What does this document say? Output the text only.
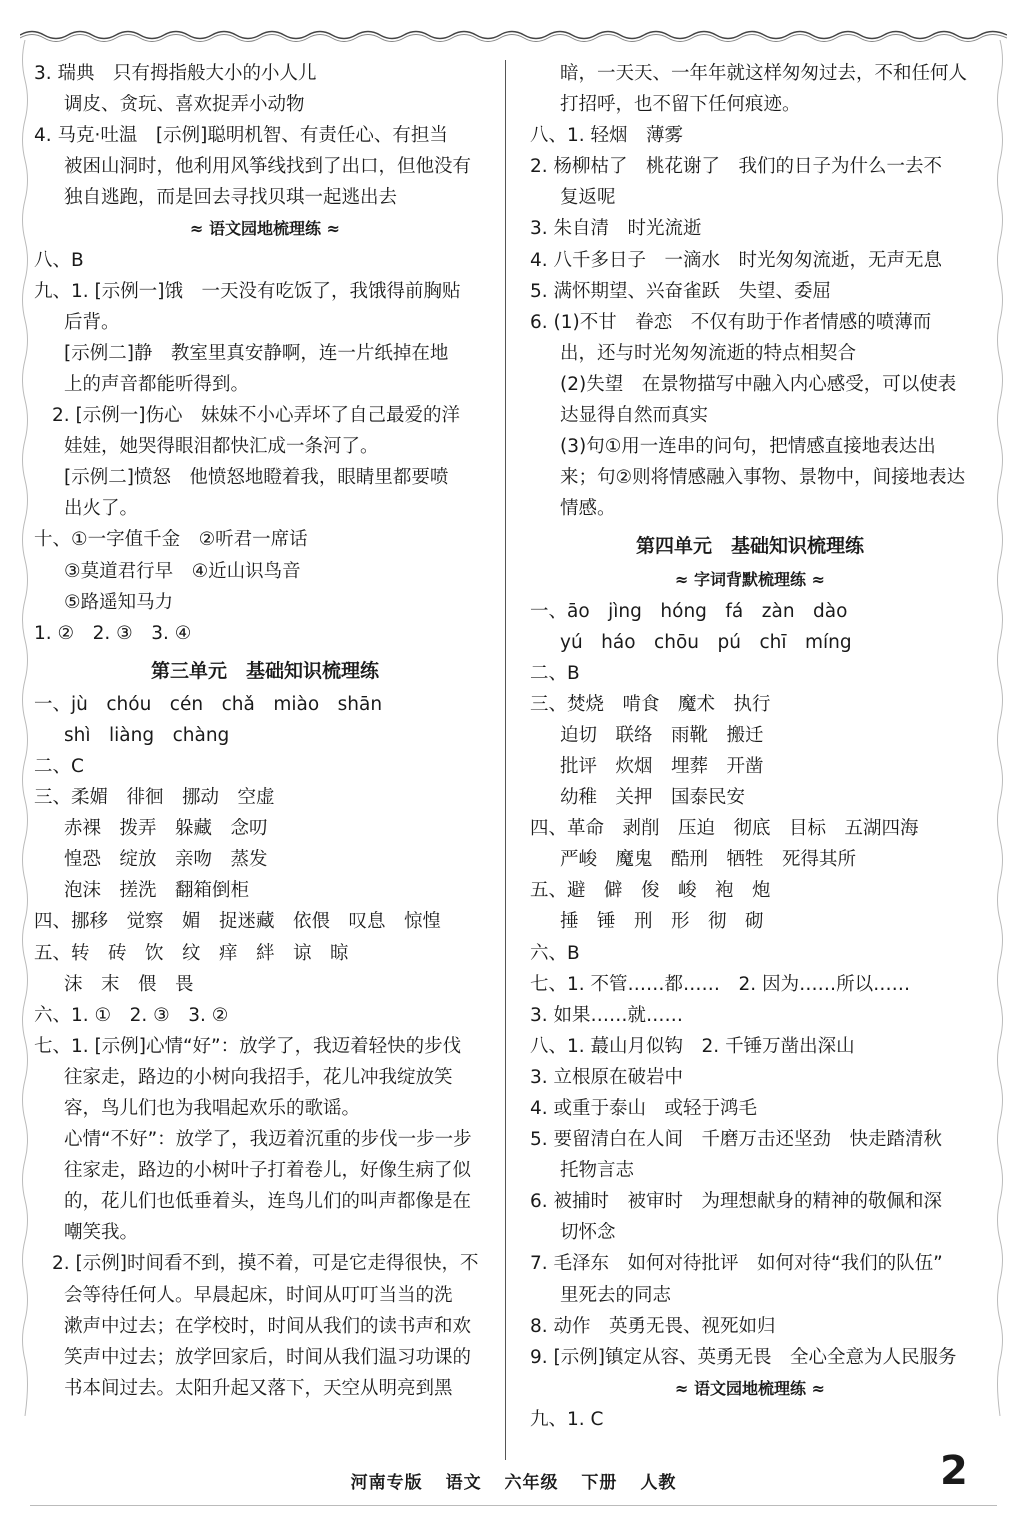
3. 瑞典　只有拇指般大小的小人儿
调皮、贪玩、喜欢捉弄小动物
4. 马克·吐温　[示例]聪明机智、有责任心、有担当
被困山洞时，他利用风筝线找到了出口，但他没有
独自逃跑，而是回去寻找贝琪一起逃出去
≈ 语文园地梳理练 ≈
八、B
九、1. [示例一]饿　一天没有吃饭了，我饿得前胸贴
后背。
[示例二]静　教室里真安静啊，连一片纸掉在地
上的声音都能听得到。
2. [示例一]伤心　妹妹不小心弄坏了自己最爱的洋
娃娃，她哭得眼泪都快汇成一条河了。
[示例二]愤怒　他愤怒地瞪着我，眼睛里都要喷
出火了。
十、①一字值千金　②听君一席话
③莫道君行早　④近山识鸟音
⑤路遥知马力
1. ②　2. ③　3. ④
第三单元　基础知识梳理练
一、jù　chóu　cén　chǎ　miào　shān
shì　liàng　chàng
二、C
三、柔媚　徘徊　挪动　空虚
赤裸　拨弄　躲藏　念叨
惶恐　绽放　亲吻　蒸发
泡沫　搓洗　翻箱倒柜
四、挪移　觉察　媚　捉迷藏　依偎　叹息　惊惶
五、转　砖　饮　纹　痒　絆　谅　晾
沫　末　偎　畏
六、1. ①　2. ③　3. ②
七、1. [示例]心情“好”：放学了，我迈着轻快的步伐
往家走，路边的小树向我招手，花儿冲我绽放笑
容，鸟儿们也为我唱起欢乐的歌谣。
心情“不好”：放学了，我迈着沉重的步伐一步一步
往家走，路边的小树叶子打着卷儿，好像生病了似
的，花儿们也低垂着头，连鸟儿们的叫声都像是在
嘲笑我。
2. [示例]时间看不到，摸不着，可是它走得很快，不
会等待任何人。早晨起床，时间从叮叮当当的洗
漱声中过去；在学校时，时间从我们的读书声和欢
笑声中过去；放学回家后，时间从我们温习功课的
书本间过去。太阳升起又落下，天空从明亮到黑
暗，一天天、一年年就这样匆匆过去，不和任何人
打招呼，也不留下任何痕迹。
八、1. 轻烟　薄雾
2. 杨柳枯了　桃花谢了　我们的日子为什么一去不
复返呢
3. 朱自清　时光流逝
4. 八千多日子　一滴水　时光匆匆流逝，无声无息
5. 满怀期望、兴奋雀跃　失望、委屈
6. (1)不甘　眷恋　不仅有助于作者情感的喷薄而
出，还与时光匆匆流逝的特点相契合
(2)失望　在景物描写中融入内心感受，可以使表
达显得自然而真实
(3)句①用一连串的问句，把情感直接地表达出
来；句②则将情感融入事物、景物中，间接地表达
情感。
第四单元　基础知识梳理练
≈ 字词背默梳理练 ≈
一、āo　jìng　hóng　fá　zàn　dào
yú　háo　chōu　pú　chī　míng
二、B
三、焚烧　啃食　魔术　执行
迫切　联络　雨靴　搬迁
批评　炊烟　埋葬　开凿
幼稚　关押　国泰民安
四、革命　剥削　压迫　彻底　目标　五湖四海
严峻　魔鬼　酷刑　牺牲　死得其所
五、避　僻　俊　峻　袍　炮
捶　锤　刑　形　彻　砌
六、B
七、1. 不管……都……　2. 因为……所以……
3. 如果……就……
八、1. 蕞山月似钩　2. 千锤万凿出深山
3. 立根原在破岩中
4. 或重于泰山　或轻于鸿毛
5. 要留清白在人间　千磨万击还坚劲　快走踏清秋
托物言志
6. 被捕时　被审时　为理想献身的精神的敬佩和深
切怀念
7. 毛泽东　如何对待批评　如何对待“我们的队伍”
里死去的同志
8. 动作　英勇无畏、视死如归
9. [示例]镇定从容、英勇无畏　全心全意为人民服务
≈ 语文园地梳理练 ≈
九、1. C
河南专版 语文 六年级 下册 人教	2
